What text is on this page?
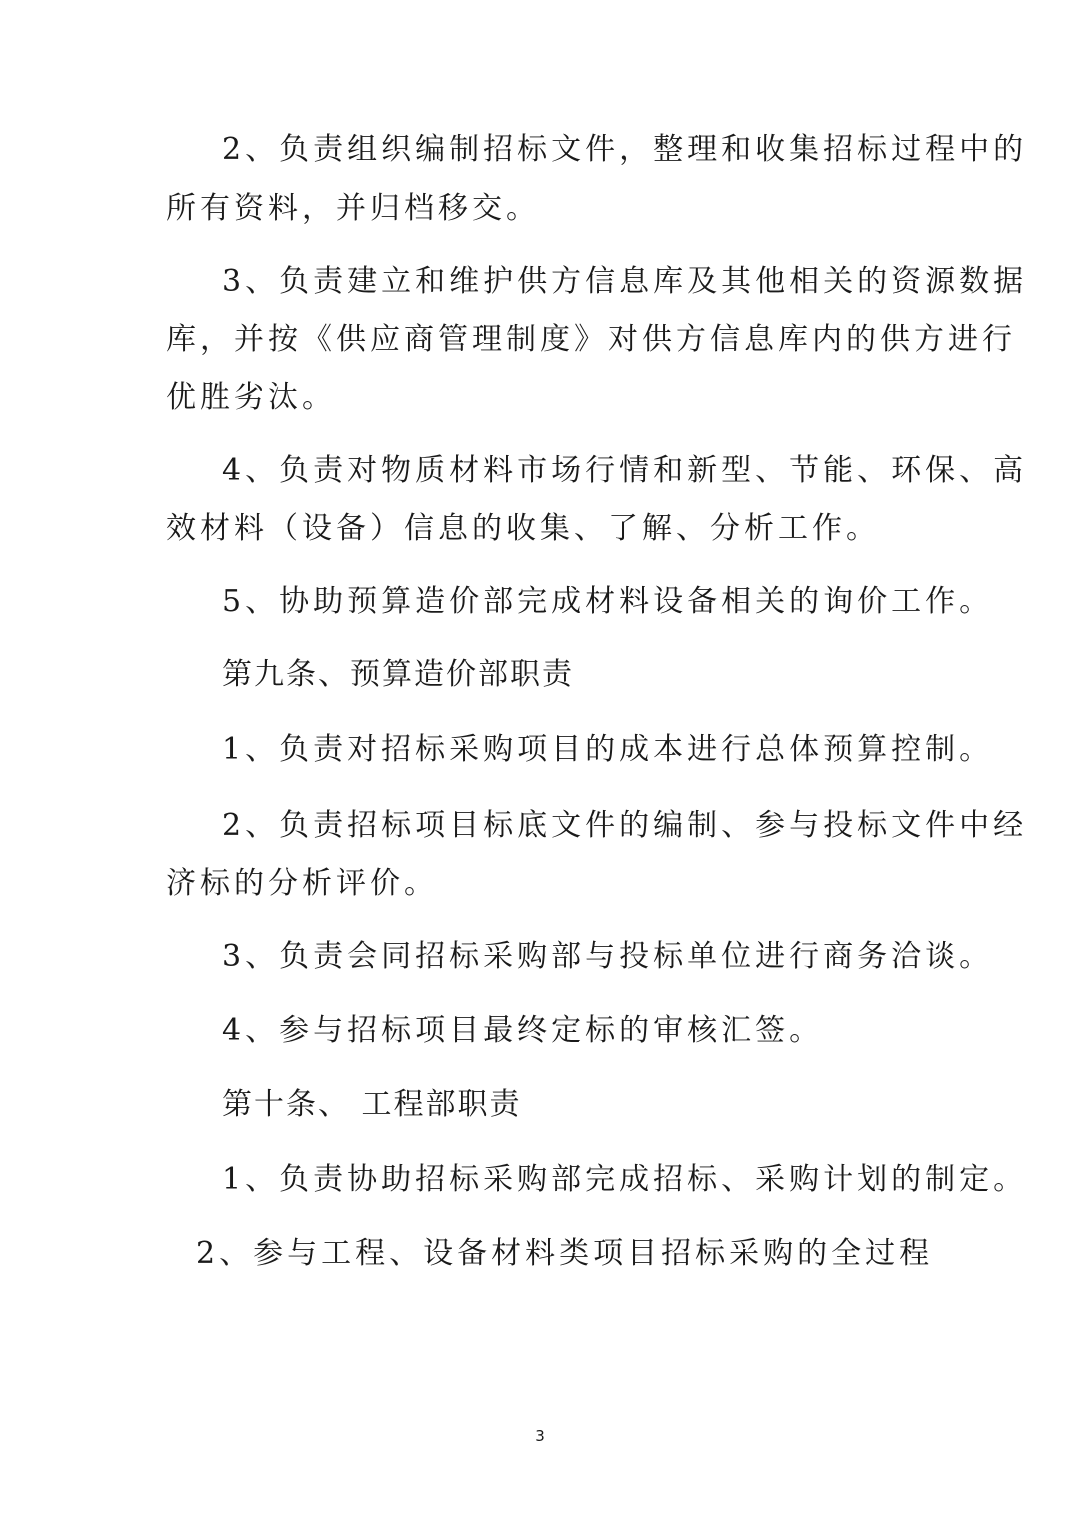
2、负责组织编制招标文件，整理和收集招标过程中的
所有资料，并归档移交。
3、负责建立和维护供方信息库及其他相关的资源数据
库，并按《供应商管理制度》对供方信息库内的供方进行
优胜劣汰。
4、负责对物质材料市场行情和新型、节能、环保、高
效材料（设备）信息的收集、了解、分析工作。
5、协助预算造价部完成材料设备相关的询价工作。
第九条、预算造价部职责
1、负责对招标采购项目的成本进行总体预算控制。
2、负责招标项目标底文件的编制、参与投标文件中经
济标的分析评价。
3、负责会同招标采购部与投标单位进行商务洽谈。
4、参与招标项目最终定标的审核汇签。
第十条、 工程部职责
1、负责协助招标采购部完成招标、采购计划的制定。
2、参与工程、设备材料类项目招标采购的全过程
3
